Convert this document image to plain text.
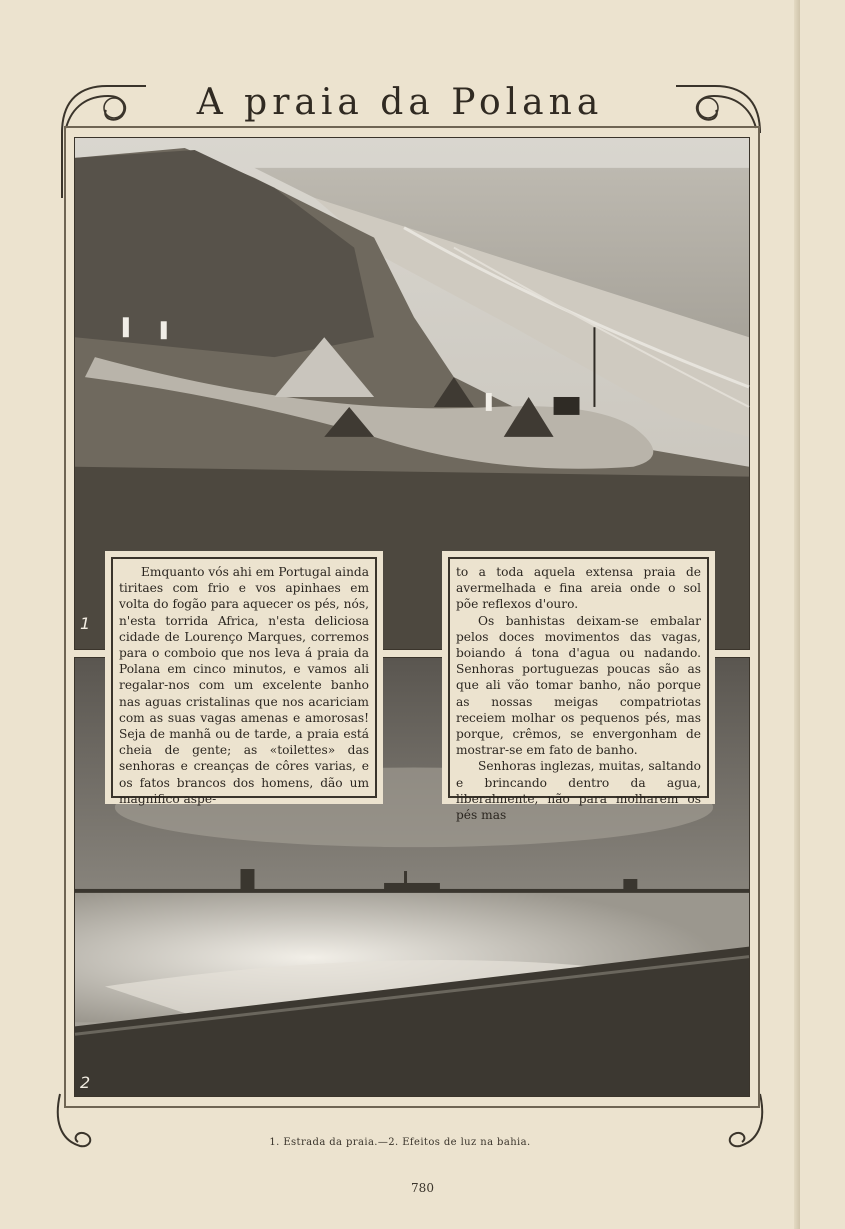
A praia da Polana
1
2

Emquanto vós ahi em Portugal ainda tiritaes com frio e vos apinhaes em volta do fogão para aquecer os pés, nós, n'esta torrida Africa, n'esta deliciosa cidade de Lourenço Marques, corremos para o comboio que nos leva á praia da Polana em cinco minutos, e vamos ali regalar-nos com um excelente banho nas aguas cristalinas que nos acariciam com as suas vagas amenas e amorosas! Seja de manhã ou de tarde, a praia está cheia de gente; as «toilettes» das senhoras e creanças de côres varias, e os fatos brancos dos homens, dão um magnifico aspe-

to a toda aquela extensa praia de avermelhada e fina areia onde o sol põe reflexos d'ouro.

Os banhistas deixam-se embalar pelos doces movimentos das vagas, boiando á tona d'agua ou nadando. Senhoras portuguezas poucas são as que ali vão tomar banho, não porque as nossas meigas compatriotas receiem molhar os pequenos pés, mas porque, crêmos, se envergonham de mostrar-se em fato de banho.

Senhoras inglezas, muitas, saltando e brincando dentro da agua, liberalmente, não para molharem os pés mas

1. Estrada da praia.—2. Efeitos de luz na bahia.
780
